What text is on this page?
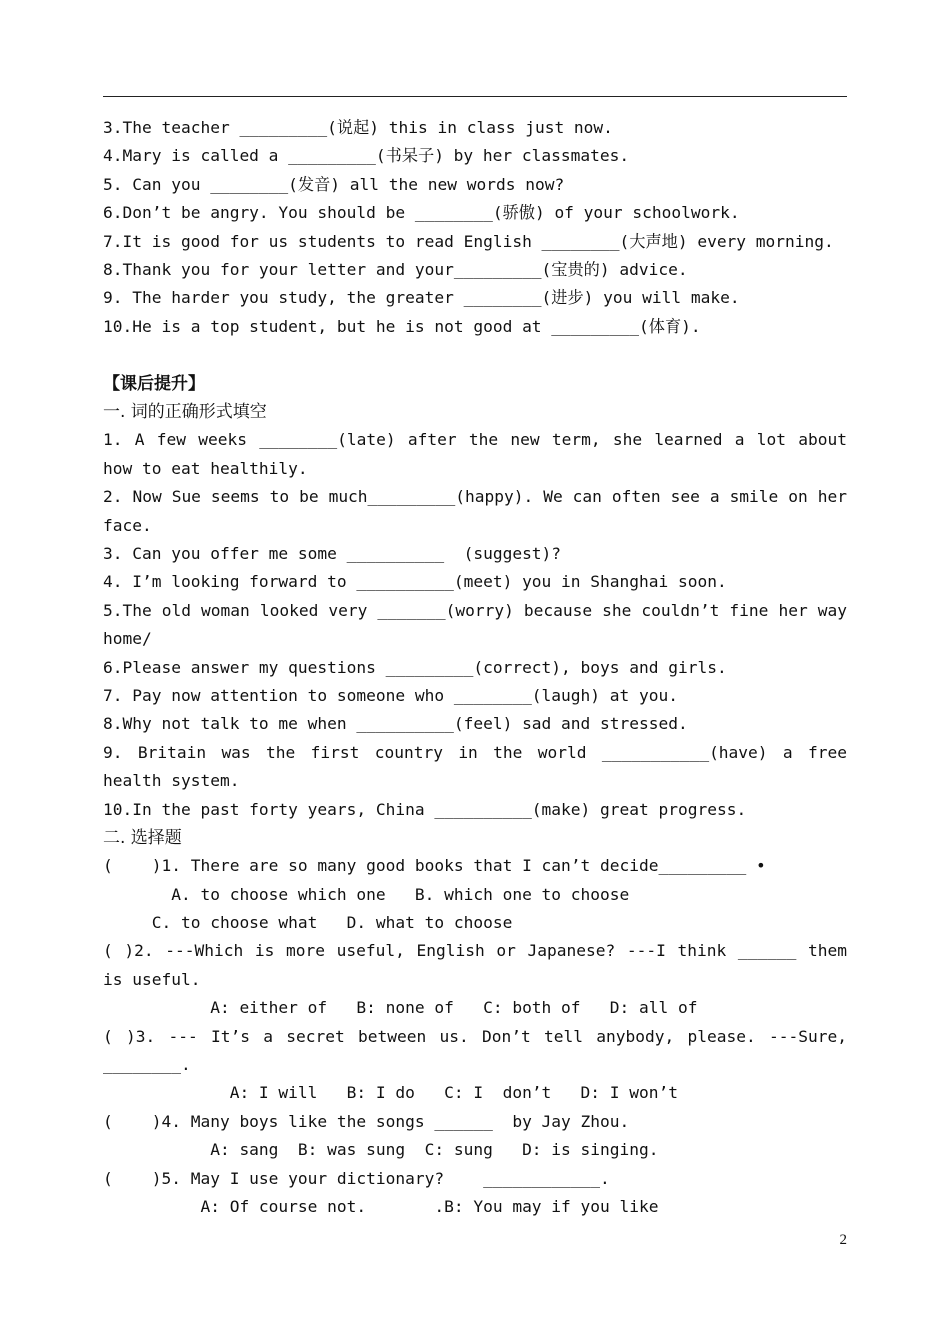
3.The teacher _________(说起) this in class just now.
4.Mary is called a _________(书呆子) by her classmates.
5. Can you ________(发音) all the new words now?
6.Don’t be angry. You should be ________(骄傲) of your schoolwork.
7.It is good for us students to read English ________(大声地) every morning.
8.Thank you for your letter and your_________(宝贵的) advice.
9. The harder you study, the greater ________(进步) you will make.
10.He is a top student, but he is not good at _________(体育).
【课后提升】
一. 词的正确形式填空
1. A few weeks ________(late) after the new term, she learned a lot about how to eat healthily.
2. Now Sue seems to be much_________(happy). We can often see a smile on her face.
3. Can you offer me some __________  (suggest)?
4. I’m looking forward to __________(meet) you in Shanghai soon.
5.The old woman looked very _______(worry) because she couldn’t fine her way home/
6.Please answer my questions _________(correct), boys and girls.
7. Pay now attention to someone who ________(laugh) at you.
8.Why not talk to me when __________(feel) sad and stressed.
9. Britain was the first country in the world ___________(have) a free health system.
10.In the past forty years, China __________(make) great progress.
二. 选择题
(    )1. There are so many good books that I can’t decide_________ •
A. to choose which one   B. which one to choose
C. to choose what   D. what to choose
( )2. ---Which is more useful, English or Japanese? ---I think ______ them is useful.
A: either of   B: none of   C: both of   D: all of
( )3. --- It’s a secret between us. Don’t tell anybody, please. ---Sure, ________.
A: I will   B: I do   C: I  don’t   D: I won’t
(    )4. Many boys like the songs ______  by Jay Zhou.
A: sang  B: was sung  C: sung   D: is singing.
(    )5. May I use your dictionary?    ____________.
A: Of course not.       .B: You may if you like
2
